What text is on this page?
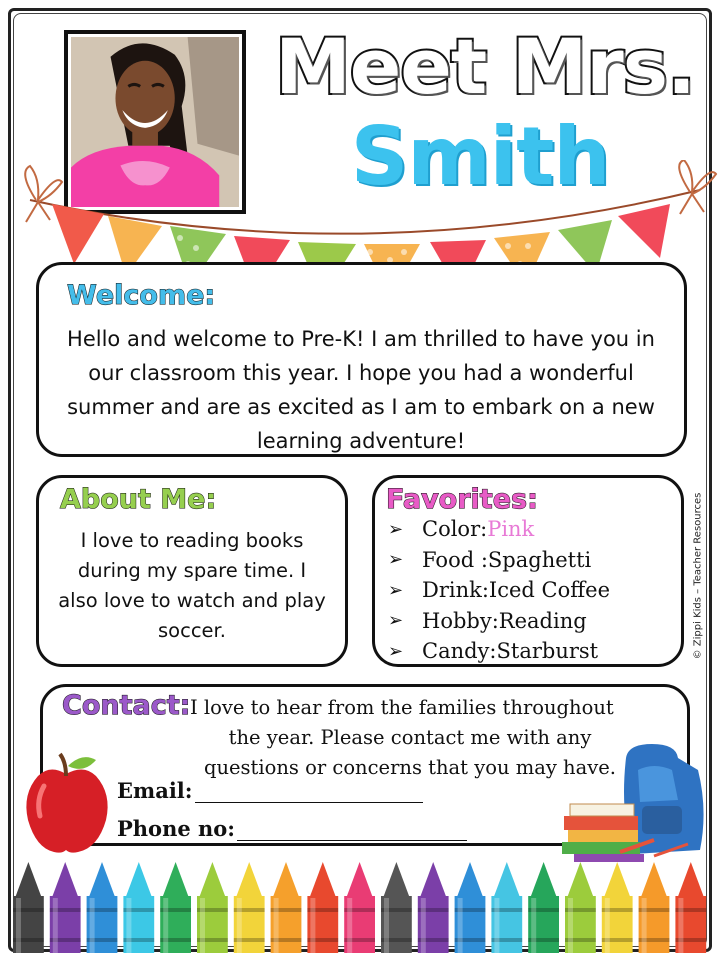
Meet Mrs.
Smith
Welcome:
Hello and welcome to Pre-K! I am thrilled to have you in
our classroom this year. I hope you had a wonderful
summer and are as excited as I am to embark on a new
learning adventure!
About Me:
I love to reading books
during my spare time. I
also love to watch and play
soccer.
Favorites:
➢ Color: Pink
➢ Food : Spaghetti
➢ Drink: Iced Coffee
➢ Hobby: Reading
➢ Candy: Starburst	© Zippi Kids – Teacher Resources
Contact: I love to hear from the families throughout
the year. Please contact me with any
questions or concerns that you may have.
Email:
Phone no:
